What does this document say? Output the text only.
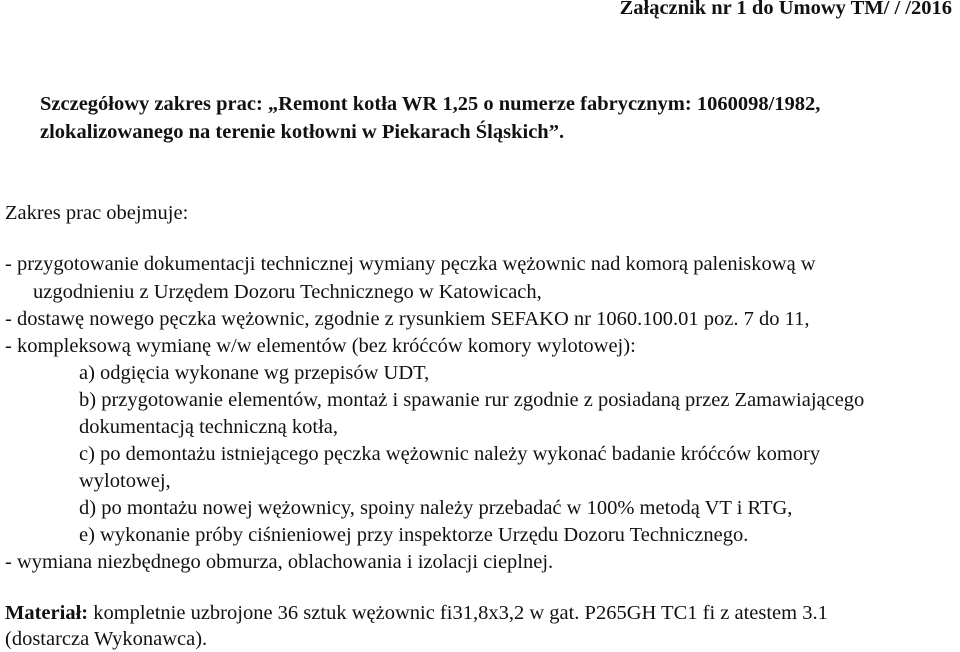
Załącznik nr 1 do Umowy TM/ / /2016
Szczegółowy zakres prac: „Remont kotła WR 1,25 o numerze fabrycznym: 1060098/1982,
zlokalizowanego na terenie kotłowni w Piekarach Śląskich”.
Zakres prac obejmuje:
- przygotowanie dokumentacji technicznej wymiany pęczka wężownic nad komorą paleniskową w
uzgodnieniu z Urzędem Dozoru Technicznego w Katowicach,
- dostawę nowego pęczka wężownic, zgodnie z rysunkiem SEFAKO nr 1060.100.01 poz. 7 do 11,
- kompleksową wymianę w/w elementów (bez króćców komory wylotowej):
a) odgięcia wykonane wg przepisów UDT,
b) przygotowanie elementów, montaż i spawanie rur zgodnie z posiadaną przez Zamawiającego
dokumentacją techniczną kotła,
c) po demontażu istniejącego pęczka wężownic należy wykonać badanie króćców komory
wylotowej,
d) po montażu nowej wężownicy, spoiny należy przebadać w 100% metodą VT i RTG,
e) wykonanie próby ciśnieniowej przy inspektorze Urzędu Dozoru Technicznego.
- wymiana niezbędnego obmurza, oblachowania i izolacji cieplnej.
Materiał: kompletnie uzbrojone 36 sztuk wężownic fi31,8x3,2 w gat. P265GH TC1 fi z atestem 3.1
(dostarcza Wykonawca).
